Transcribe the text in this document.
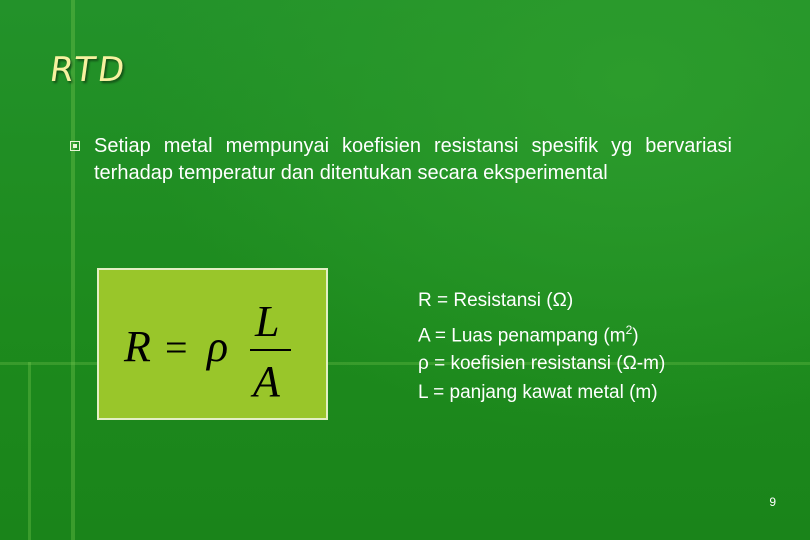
RTD
Setiap metal mempunyai koefisien resistansi spesifik yg bervariasi terhadap temperatur dan ditentukan secara eksperimental
R = ρ
L
A
R = Resistansi (Ω)
A = Luas penampang $(m^2)$
ρ = koefisien resistansi (Ω-m)
L = panjang kawat metal (m)
9
